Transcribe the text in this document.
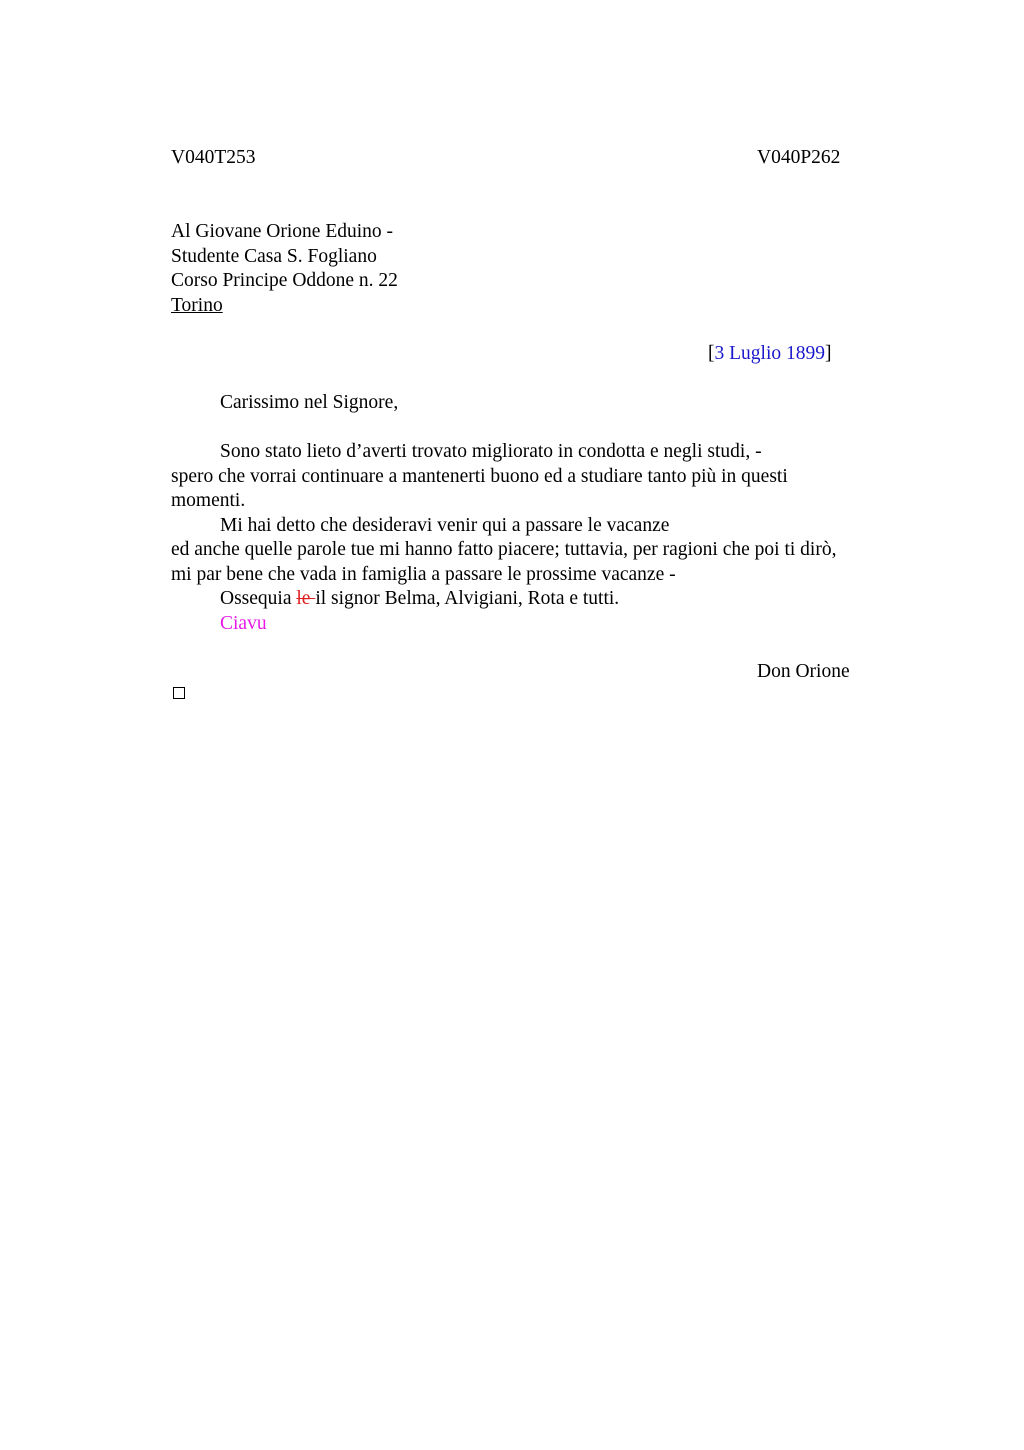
V040T253	V040P262
Al Giovane Orione Eduino -
Studente Casa S. Fogliano
Corso Principe Oddone n. 22
Torino
[3 Luglio 1899]
Carissimo nel Signore,
Sono stato lieto d’averti trovato migliorato in condotta e negli studi, -
spero che vorrai continuare a mantenerti buono ed a studiare tanto più in questi
momenti.
Mi hai detto che desideravi venir qui a passare le vacanze
ed anche quelle parole tue mi hanno fatto piacere; tuttavia, per ragioni che poi ti dirò,
mi par bene che vada in famiglia a passare le prossime vacanze -
Ossequia le il signor Belma, Alvigiani, Rota e tutti.
Ciavu
Don Orione
